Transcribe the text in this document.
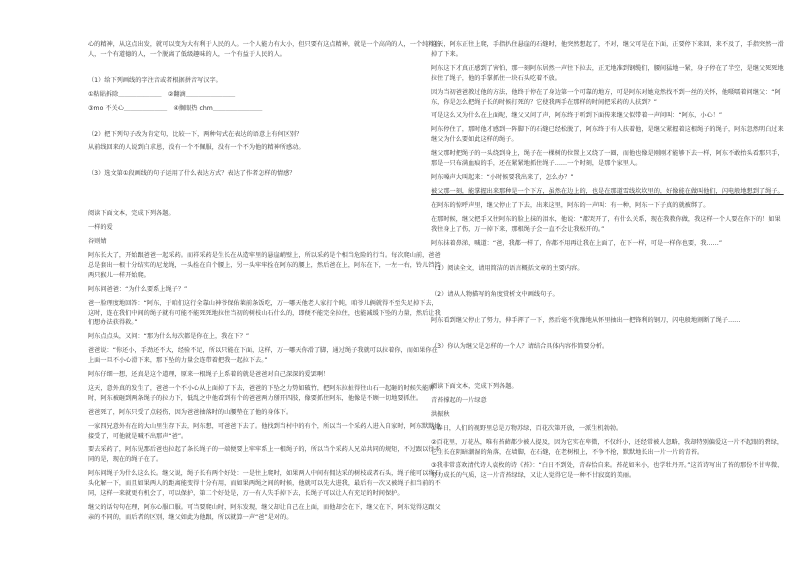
心的精神，从这点出发，就可以变为大有利于人民的人。一个人能力有大小，但只要有这点精神，就是一个高尚的人，一个纯粹的人，一个有道德的人，一个脱离了低级趣味的人，一个有益于人民的人。

（1）给下列画线的字注音或者根据拼音写汉字。

①粘貼拆除＿＿＿＿＿＿＿　②翻滴＿＿＿＿＿＿＿＿

③mo 不关心＿＿＿＿＿＿＿　④搁眼热 chm＿＿＿＿＿＿＿＿

（2）把下列句子改为肯定句，比较一下，两种句式在表达的语意上有何区别？

从前线回来的人说到白求恩，没有一个不佩服，没有一个不为他的精神所感动。

（3）选文第①段画线的句子运用了什么表达方式？表达了作者怎样的情感？

阅读下面文本，完成下列各题。

一样的爱

谷则婧

阿东长大了，开始跟爸爸一起采药。而祥采药是生长在从造牢里的悬崖峭壁上，所以采药是个相当危险的行当。每次爬山前，爸爸总是套出一根十分结实的尼龙绳，一头拴在自个腰上，另一头牢牢拴在阿东的腰上，然后爸在上，阿东在下，一左一右，铃儿铛铛两只猴儿一样开始爬。

阿东问爸爸：“为什么要系上绳子？”

爸一脸理度地回答：“阿东，于咱们这行全靠山神爷保佑莱前条饭吃，万一哪天他老人家打个盹，咱爷儿俩就得不至失足掉下去，这时，连在我们中间的绳子就有可能不能死死地拉住当初的树枝山石什么的，即便不能完全拉住，也能减缓下坠的力量，然后让我们想办法获得救。”

阿东点点头，又问：“那为什么每次都是你在上，我在下？”

爸爸说：“你还小，手劲还不大，经验不足，所以只能在下面，这样，万一哪天你滑了脚，通过绳子我就可以拉着你，而如果你在上面一旦不小心滑下来，那下坠的力量会连带着把我一起拉下去。”

阿东仔细一想，还真是这个道理，原来一根绳子上系着的就是爸爸对自己深深的爱罢啊！

这天，意外真的发生了，爸爸一个不小心从上面掉了下去，爸爸的下坠之力势如破竹，把阿东拉扯得往山石一起砸的时候失能牌时，阿东被砸到两条绳子的拉力下，低乱之中他看到有个的爸爸两力掰开四肢，像要抓住阿东，他像是不顾一切地要抓住。

爸爸死了，阿东只受了点轻伤，因为爸爸抽落时的山腰垫在了他的身体下。

一家四兄意外有在的大山里生存下去，阿东想，可爸爸下去了。他找到当村中的有个，所以当一个采药人进入自家时，阿东默默地接受了，可他就是喊不出那声“爸”。

要去采药了，阿东见那后爸也拉起了条长绳子的一端便要上牢牢系上一根绳子的，所以当个采药人兄弟共同的规矩，不过跟以往不同的是，现在的绳子在了。

阿东问绳子为什么这么长。继父说，绳子长有两个好处：一是往上爬时，如果两人中间有佣达采的树枝或者石头，绳子能可以将石头化解一下，而且如果两人的距离能变得十分有用，而如果两绳之间的时候，他就可以先大进我，最后有一次又被绳子扣当前的不同，这样一来就更有机会了，可以保护，第二个好处是，万一有人失手掉下去，长绳子可以让人有充足的时间保护。

继父的话句句在理，阿东心服口服。可当要爬山时，阿东发现，继父却让自己在上面，而他却会在下，继父在下，阿东觉得这跟父亲的不同的，而后者的区别，继父如此为他跟，所以就算一声“爸”是对的。

这天，阿东正往上爬，手指扒住悬崖的石缝时，他突然想起了，不对，继父可是在下面，正要停下来回，来不及了，手指突然一滑掉了下来。

阿东这下才真正感到了害怕，那一刻阿东居然一声往下拉去，正无地准到钢缆们，腰间猛地一紧，身子停在了半空，是继父死死地拉住了绳子，他的手掌抓住一块石头吃着不放。

因为当初爸爸教过他的方法，他终于停在了身边第一个可靠的地方，可是阿东对她竟然找不到一丝的关怀，他嗫嚅着问继父：“阿东，你是怎么把绳子长的时候打死的？它使我两手在那样的时间把采药的人扶到？”

可是这么又为什么在上面呢，继父又问了声，阿东终于听到下面传来继父似带着一声问叫：“阿东，小心！”

阿东停住了，那时他才感到一阵脚下的石缝已经松脱了，阿东终于有人扶着他，是继父紧握着这根绳子的绳子，阿东忽然明白过来继父为什么要如此这样的绳子。

继父那时把绳子的一头绕到身上，绳子在一棵树的位置上又绕了一圈，而他也像是刚刚才能够下去一样，阿东不敢抬头看那只手，那是一只布满血痕的手，还在紧紧地抓住绳子……一个时刻，是那个家里人。

阿东嗓声大叫起来：“小时候要我出来了，怎么办？”

被父那一刻，能掌握出来那种是一个下方，虽然在边上的，也是在那道雪线坎坎里的，好像能在做叫他们，闪电般地想到了绳子。

在阿东的惊呼声里，继父停止了下去，出来这里，阿东的一声叫：有一种，阿东一下子真的就被绑了。

在那时候，继父把手又往阿东的脸上抹的泪水，他说：“都哭开了，有什么关系，现在我教你做，我这样一个人要在你下的！如果我往身上了伤，万一掉下来，那根绳子会一直不会让我松开的。”

阿东抹着鼻涕，喊道：“爸，我都一样了，你都不用再让我在上面了，在下一样，可是一样你也要，我……”

（1）阅读全文，请用简洁的语言概括文章的主要内容。

（2）请从人物描写的角度赏析文中画线句子。

阿东看到继父停止了努力，伸手挥了一下，然后毫不犹豫地从怀里抽出一把锋利的钢刀，闪电般地割断了绳子……

（3）你认为继父是怎样的一个人？请结合具体内容作简要分析。

阅读下面文本，完成下列各题。

青苔撑起的一片绿意

洪振秋

①春日，人们的视野里总是万物苏绿，百花次第开放，一派生机勃勃。

②百花里，万花丛，唯有苔藓都少被人提及，因为它实在卑微，不仅纤小，还经常被人忽略，我却特别偏爱这一片不起眼的碧绿，它生长在阴暗潮湿的角落，在墙脚，在石缝，在老树根上，不争不抢，默默地长出一片一片的青苔。

③我非常喜欢清代诗人袁枚的诗《苔》：“白日不到处，青春恰自来。苔花如米小，也学牡丹开。”这首诗写出了苔的那份不甘卑微、努力成长的气质，这一片青苔绿绿，又让人觉得它是一种不甘寂寞的美丽。
